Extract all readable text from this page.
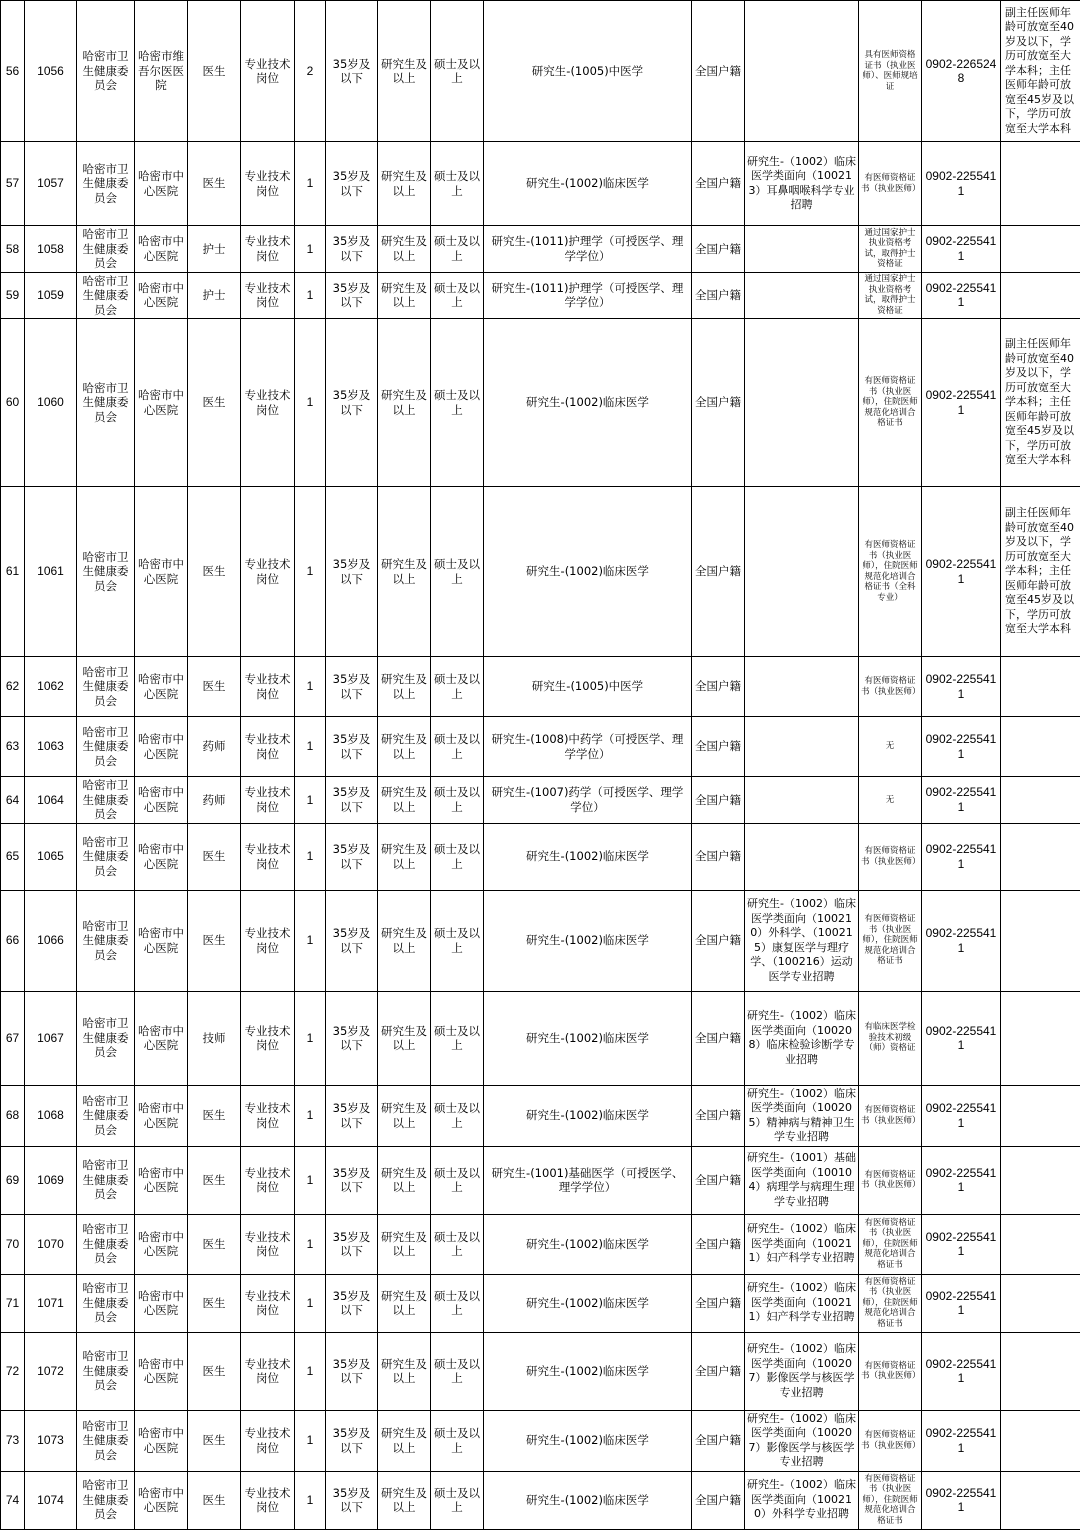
56	1056	哈密市卫生健康委员会	哈密市维吾尔医医院	医生	专业技术岗位	2	35岁及以下	研究生及以上	硕士及以上	研究生-(1005)中医学	全国户籍		具有医师资格证书（执业医师）、医师规培证	0902-2265248	副主任医师年龄可放宽至40岁及以下，学历可放宽至大学本科；主任医师年龄可放宽至45岁及以下，学历可放宽至大学本科
57	1057	哈密市卫生健康委员会	哈密市中心医院	医生	专业技术岗位	1	35岁及以下	研究生及以上	硕士及以上	研究生-(1002)临床医学	全国户籍	研究生-（1002）临床医学类面向（100213）耳鼻咽喉科学专业招聘	有医师资格证书（执业医师）	0902-2255411	
58	1058	哈密市卫生健康委员会	哈密市中心医院	护士	专业技术岗位	1	35岁及以下	研究生及以上	硕士及以上	研究生-(1011)护理学（可授医学、理学学位）	全国户籍		通过国家护士执业资格考试，取得护士资格证	0902-2255411	
59	1059	哈密市卫生健康委员会	哈密市中心医院	护士	专业技术岗位	1	35岁及以下	研究生及以上	硕士及以上	研究生-(1011)护理学（可授医学、理学学位）	全国户籍		通过国家护士执业资格考试，取得护士资格证	0902-2255411	
60	1060	哈密市卫生健康委员会	哈密市中心医院	医生	专业技术岗位	1	35岁及以下	研究生及以上	硕士及以上	研究生-(1002)临床医学	全国户籍		有医师资格证书（执业医师），住院医师规范化培训合格证书	0902-2255411	副主任医师年龄可放宽至40岁及以下，学历可放宽至大学本科；主任医师年龄可放宽至45岁及以下，学历可放宽至大学本科
61	1061	哈密市卫生健康委员会	哈密市中心医院	医生	专业技术岗位	1	35岁及以下	研究生及以上	硕士及以上	研究生-(1002)临床医学	全国户籍		有医师资格证书（执业医师），住院医师规范化培训合格证书（全科专业）	0902-2255411	副主任医师年龄可放宽至40岁及以下，学历可放宽至大学本科；主任医师年龄可放宽至45岁及以下，学历可放宽至大学本科
62	1062	哈密市卫生健康委员会	哈密市中心医院	医生	专业技术岗位	1	35岁及以下	研究生及以上	硕士及以上	研究生-(1005)中医学	全国户籍		有医师资格证书（执业医师）	0902-2255411	
63	1063	哈密市卫生健康委员会	哈密市中心医院	药师	专业技术岗位	1	35岁及以下	研究生及以上	硕士及以上	研究生-(1008)中药学（可授医学、理学学位）	全国户籍		无	0902-2255411	
64	1064	哈密市卫生健康委员会	哈密市中心医院	药师	专业技术岗位	1	35岁及以下	研究生及以上	硕士及以上	研究生-(1007)药学（可授医学、理学学位）	全国户籍		无	0902-2255411	
65	1065	哈密市卫生健康委员会	哈密市中心医院	医生	专业技术岗位	1	35岁及以下	研究生及以上	硕士及以上	研究生-(1002)临床医学	全国户籍		有医师资格证书（执业医师）	0902-2255411	
66	1066	哈密市卫生健康委员会	哈密市中心医院	医生	专业技术岗位	1	35岁及以下	研究生及以上	硕士及以上	研究生-(1002)临床医学	全国户籍	研究生-（1002）临床医学类面向（100210）外科学、（100215）康复医学与理疗学、（100216）运动医学专业招聘	有医师资格证书（执业医师），住院医师规范化培训合格证书	0902-2255411	
67	1067	哈密市卫生健康委员会	哈密市中心医院	技师	专业技术岗位	1	35岁及以下	研究生及以上	硕士及以上	研究生-(1002)临床医学	全国户籍	研究生-（1002）临床医学类面向（100208）临床检验诊断学专业招聘	有临床医学检验技术初级（师）资格证	0902-2255411	
68	1068	哈密市卫生健康委员会	哈密市中心医院	医生	专业技术岗位	1	35岁及以下	研究生及以上	硕士及以上	研究生-(1002)临床医学	全国户籍	研究生-（1002）临床医学类面向（100205）精神病与精神卫生学专业招聘	有医师资格证书（执业医师）	0902-2255411	
69	1069	哈密市卫生健康委员会	哈密市中心医院	医生	专业技术岗位	1	35岁及以下	研究生及以上	硕士及以上	研究生-(1001)基础医学（可授医学、理学学位）	全国户籍	研究生-（1001）基础医学类面向（100104）病理学与病理生理学专业招聘	有医师资格证书（执业医师）	0902-2255411	
70	1070	哈密市卫生健康委员会	哈密市中心医院	医生	专业技术岗位	1	35岁及以下	研究生及以上	硕士及以上	研究生-(1002)临床医学	全国户籍	研究生-（1002）临床医学类面向（100211）妇产科学专业招聘	有医师资格证书（执业医师），住院医师规范化培训合格证书	0902-2255411	
71	1071	哈密市卫生健康委员会	哈密市中心医院	医生	专业技术岗位	1	35岁及以下	研究生及以上	硕士及以上	研究生-(1002)临床医学	全国户籍	研究生-（1002）临床医学类面向（100211）妇产科学专业招聘	有医师资格证书（执业医师），住院医师规范化培训合格证书	0902-2255411	
72	1072	哈密市卫生健康委员会	哈密市中心医院	医生	专业技术岗位	1	35岁及以下	研究生及以上	硕士及以上	研究生-(1002)临床医学	全国户籍	研究生-（1002）临床医学类面向（100207）影像医学与核医学专业招聘	有医师资格证书（执业医师）	0902-2255411	
73	1073	哈密市卫生健康委员会	哈密市中心医院	医生	专业技术岗位	1	35岁及以下	研究生及以上	硕士及以上	研究生-(1002)临床医学	全国户籍	研究生-（1002）临床医学类面向（100207）影像医学与核医学专业招聘	有医师资格证书（执业医师）	0902-2255411	
74	1074	哈密市卫生健康委员会	哈密市中心医院	医生	专业技术岗位	1	35岁及以下	研究生及以上	硕士及以上	研究生-(1002)临床医学	全国户籍	研究生-（1002）临床医学类面向（100210）外科学专业招聘	有医师资格证书（执业医师），住院医师规范化培训合格证书	0902-2255411	
